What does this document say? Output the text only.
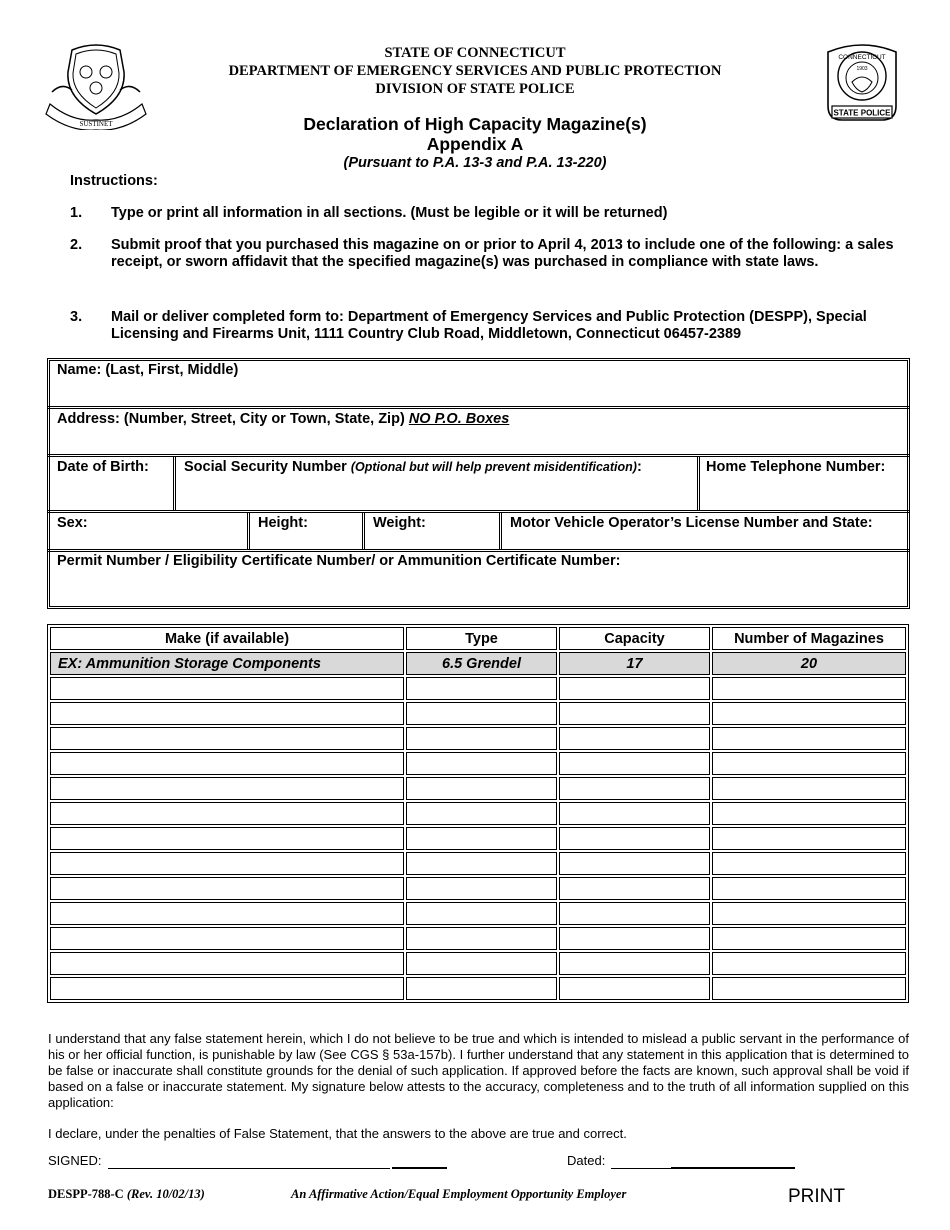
SUSTINET
CONNECTICUT
1903
STATE POLICE
STATE OF CONNECTICUT
DEPARTMENT OF EMERGENCY SERVICES AND PUBLIC PROTECTION
DIVISION OF STATE POLICE
Declaration of High Capacity Magazine(s)
Appendix A
(Pursuant to P.A. 13-3 and P.A. 13-220)
Instructions:
1. Type or print all information in all sections. (Must be legible or it will be returned)
2. Submit proof that you purchased this magazine on or prior to April 4, 2013 to include one of the following: a sales receipt, or sworn affidavit that the specified magazine(s) was purchased in compliance with state laws.
3. Mail or deliver completed form to: Department of Emergency Services and Public Protection (DESPP), Special Licensing and Firearms Unit, 1111 Country Club Road, Middletown, Connecticut 06457-2389
Name: (Last, First, Middle)
Address: (Number, Street, City or Town, State, Zip) NO P.O. Boxes
Date of Birth: Social Security Number (Optional but will help prevent misidentification):	Home Telephone Number:
Sex:	Height:	Weight:	Motor Vehicle Operator’s License Number and State:
Permit Number / Eligibility Certificate Number/ or Ammunition Certificate Number:
Make (if available)	Type	Capacity	Number of Magazines
EX: Ammunition Storage Components	6.5 Grendel	17	20

I understand that any false statement herein, which I do not believe to be true and which is intended to mislead a public servant in the performance of his or her official function, is punishable by law (See CGS § 53a-157b). I further understand that any statement in this application that is determined to be false or inaccurate shall constitute grounds for the denial of such application. If approved before the facts are known, such approval shall be void if based on a false or inaccurate statement. My signature below attests to the accuracy, completeness and to the truth of all information supplied on this application:
I declare, under the penalties of False Statement, that the answers to the above are true and correct.
SIGNED:	Dated:
DESPP-788-C (Rev. 10/02/13)	An Affirmative Action/Equal Employment Opportunity Employer	PRINT
